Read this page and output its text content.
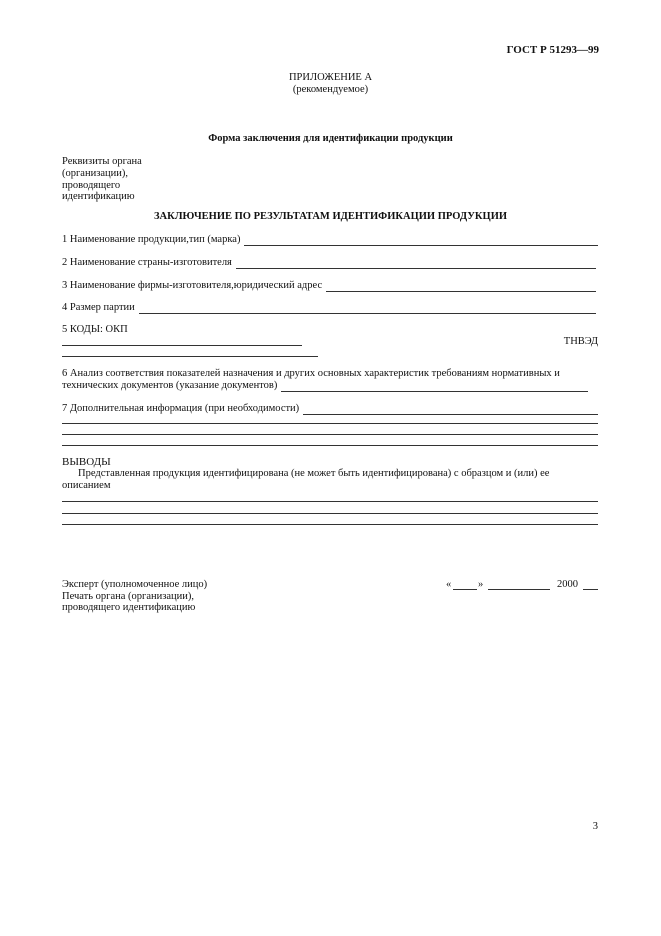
ГОСТ Р 51293—99
ПРИЛОЖЕНИЕ А
(рекомендуемое)
Форма заключения для идентификации продукции
Реквизиты органа
(организации),
проводящего
идентификацию
ЗАКЛЮЧЕНИЕ ПО РЕЗУЛЬТАТАМ ИДЕНТИФИКАЦИИ ПРОДУКЦИИ
1 Наименование продукции,тип (марка)
2 Наименование страны-изготовителя
3 Наименование фирмы-изготовителя,юридический адрес
4 Размер партии
5 КОДЫ: ОКП
ТНВЭД
6 Анализ соответствия показателей назначения и других основных характеристик требованиям нормативных и
технических документов (указание документов)
7 Дополнительная информация (при необходимости)
ВЫВОДЫ
Представленная продукция идентифицирована (не может быть идентифицирована) с образцом и (или) ее
описанием
Эксперт (уполномоченное лицо)
Печать органа (организации),
проводящего идентификацию
«	»	2000
3
